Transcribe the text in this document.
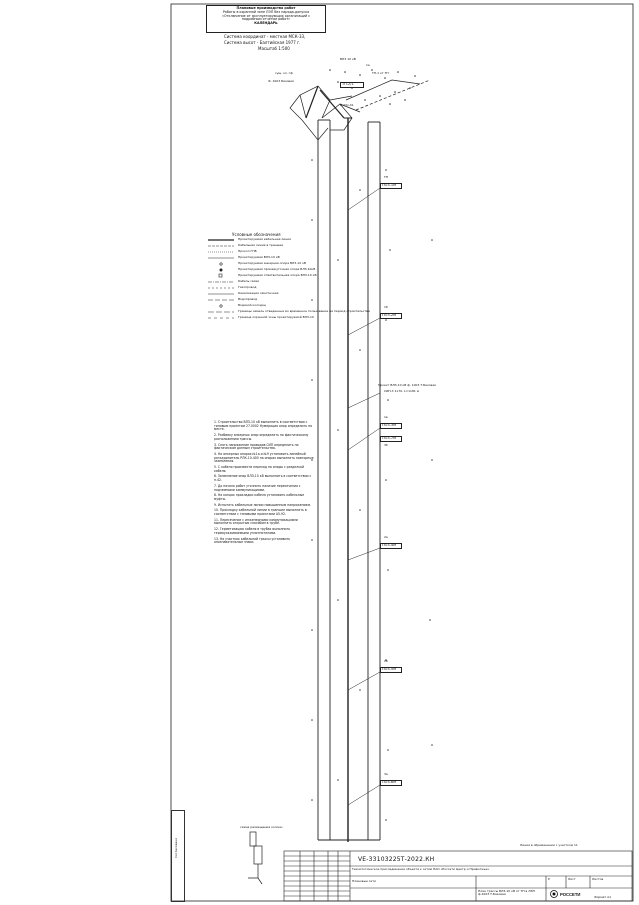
РОССЕТИ
Плановые производства работ
Работы в охранной зоне ЛЭП без наряда-допуска
«Отключение от эксплуатирующих организаций с
подробным отчетом работ»
КАЛЕНДАРЬ
Система координат - местная МСК-33,
Система высот - Балтийская 1977 г.
Масштаб 1:500
сущ. эл. гф
Ф. 1003 Базовая
ВЛЗ 10 кВ
1а
ТП-1 от ТП
А-23х-01
ТП-2/1
Условные обозначения
Проектируемая кабельная линия
Кабельная линия в траншее
Прокол ГНБ
Проектируемая ВЛЗ-10 кВ
Проектируемая анкерная опора ВЛЗ-10 кВ
Проектируемая промежуточная опора ВЛЗ-10кВ
Проектируемая ответвительная опора ВЛЗ-10 кВ
Кабель связи
Газопровод
Канализация самотечная
Водопровод
Водяной колодец
Границы земель отведенных во временное пользование на период строительства
Граница охранной зоны проектируемой ВЛЗ-10
1. Строительство ВЛЗ-10 кВ выполнить в соответствии с типовым проектом 27.0002 Нумерация опор определить на месте.
2. Разбивку анкерных опор определить по фактическому расположению трассы.
3. Снять напряжение проводов СИП определить по фактическим данным строительства.
4. На анкерных опорах №1а и №9 установить линейный разъединитель РЛК-10-400 на опорах выполнить повторные заземления.
5. С кабеля произвести переход на опоры с разделкой кабеля.
6. Заземление опор ВЛЗ-10 кВ выполнить в соответствии с п.42.
7. До начала работ уточнить наличие пересечения с подземными коммуникациями.
8. На концах прокладки кабеля установить кабельные муфты.
9. Испытать кабельные линии повышенным напряжением.
10. Прокладку кабельной линии в траншее выполнить в соответствии с типовыми проектами А5-92.
11. Пересечение с инженерными коммуникациями выполнить открытым способом в трубе.
12. Герметизацию кабеля в трубах выполнить термоусаживаемыми уплотнителями.
13. На участках кабельной трассы установить опознавательные знаки.
Проект ВЛЗ-10 кВ ф. 1003 Т.Базовая
СИП-3 1х70, L=1181 м
ТП
ПО3-1М
1б
ПО3-2М
1в
ПО3-3М
2а
ПО3-4М
2б
ПО3-5М
3а
ПО3-6М
3б
ПО3-7М
схема размещения колонн
Линия в обременении с участком 11
VE-33103225Т-2022.КН
Технологическое присоединение объекта к сетям ПАО «Россети Центр и Приволжье»
Плановые сети
План трассы ВЛЗ-10 кВ от ТП в ЛЭП ф.1003 Т.Базовая
Р	Лист	Листов
Формат А1
Согласовано
